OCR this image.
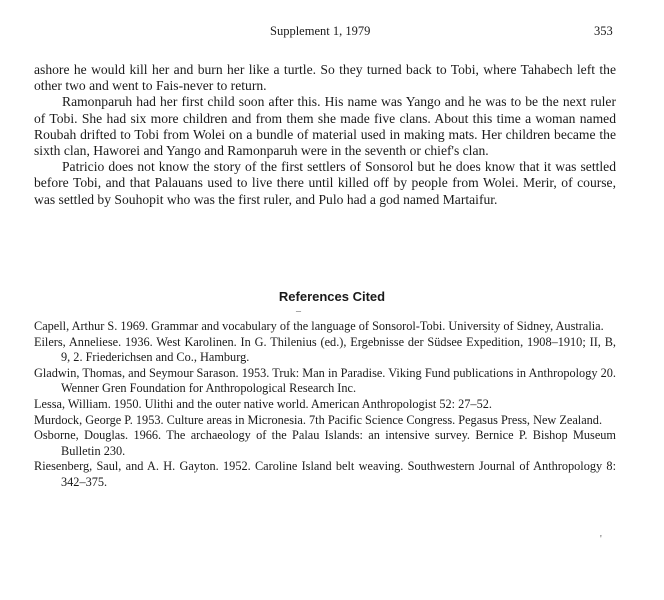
Supplement 1, 1979	353

ashore he would kill her and burn her like a turtle. So they turned back to Tobi, where Tahabech left the other two and went to Fais-never to return.

Ramonparuh had her first child soon after this. His name was Yango and he was to be the next ruler of Tobi. She had six more children and from them she made five clans. About this time a woman named Roubah drifted to Tobi from Wolei on a bundle of material used in making mats. Her children became the sixth clan, Haworei and Yango and Ramonparuh were in the seventh or chief's clan.

Patricio does not know the story of the first settlers of Sonsorol but he does know that it was settled before Tobi, and that Palauans used to live there until killed off by people from Wolei. Merir, of course, was settled by Souhopit who was the first ruler, and Pulo had a god named Martaifur.

References Cited

Capell, Arthur S. 1969. Grammar and vocabulary of the language of Sonsorol-Tobi. University of Sidney, Australia.

Eilers, Anneliese. 1936. West Karolinen. In G. Thilenius (ed.), Ergebnisse der Südsee Expedition, 1908–1910; II, B, 9, 2. Friederichsen and Co., Hamburg.

Gladwin, Thomas, and Seymour Sarason. 1953. Truk: Man in Paradise. Viking Fund publications in Anthropology 20. Wenner Gren Foundation for Anthropological Research Inc.

Lessa, William. 1950. Ulithi and the outer native world. American Anthropologist 52: 27–52.

Murdock, George P. 1953. Culture areas in Micronesia. 7th Pacific Science Congress. Pegasus Press, New Zealand.

Osborne, Douglas. 1966. The archaeology of the Palau Islands: an intensive survey. Bernice P. Bishop Museum Bulletin 230.

Riesenberg, Saul, and A. H. Gayton. 1952. Caroline Island belt weaving. Southwestern Journal of Anthropology 8: 342–375.

–
'
